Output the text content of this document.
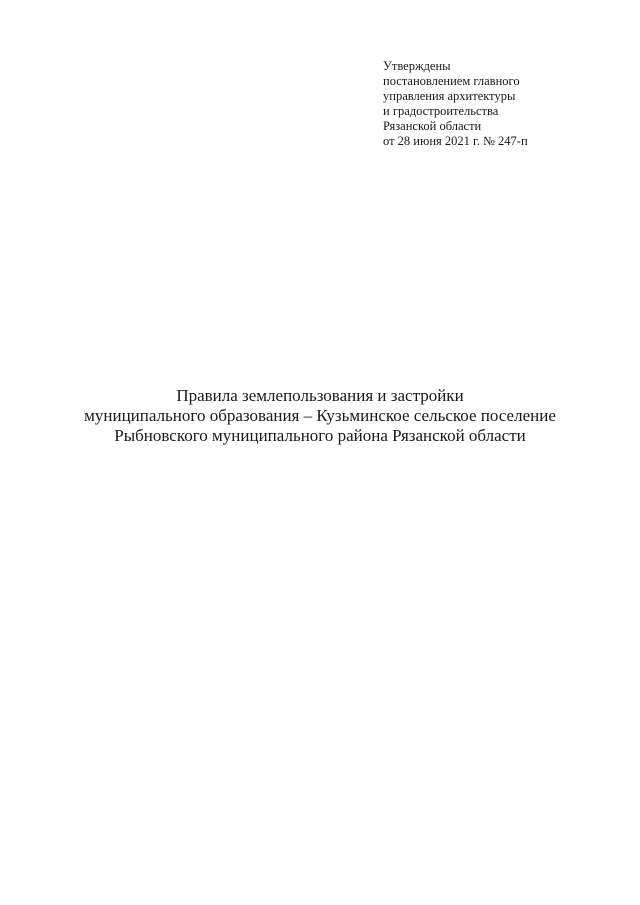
Утверждены
постановлением главного
управления архитектуры
и градостроительства
Рязанской области
от 28 июня 2021 г. № 247-п
Правила землепользования и застройки
муниципального образования – Кузьминское сельское поселение
Рыбновского муниципального района Рязанской области
